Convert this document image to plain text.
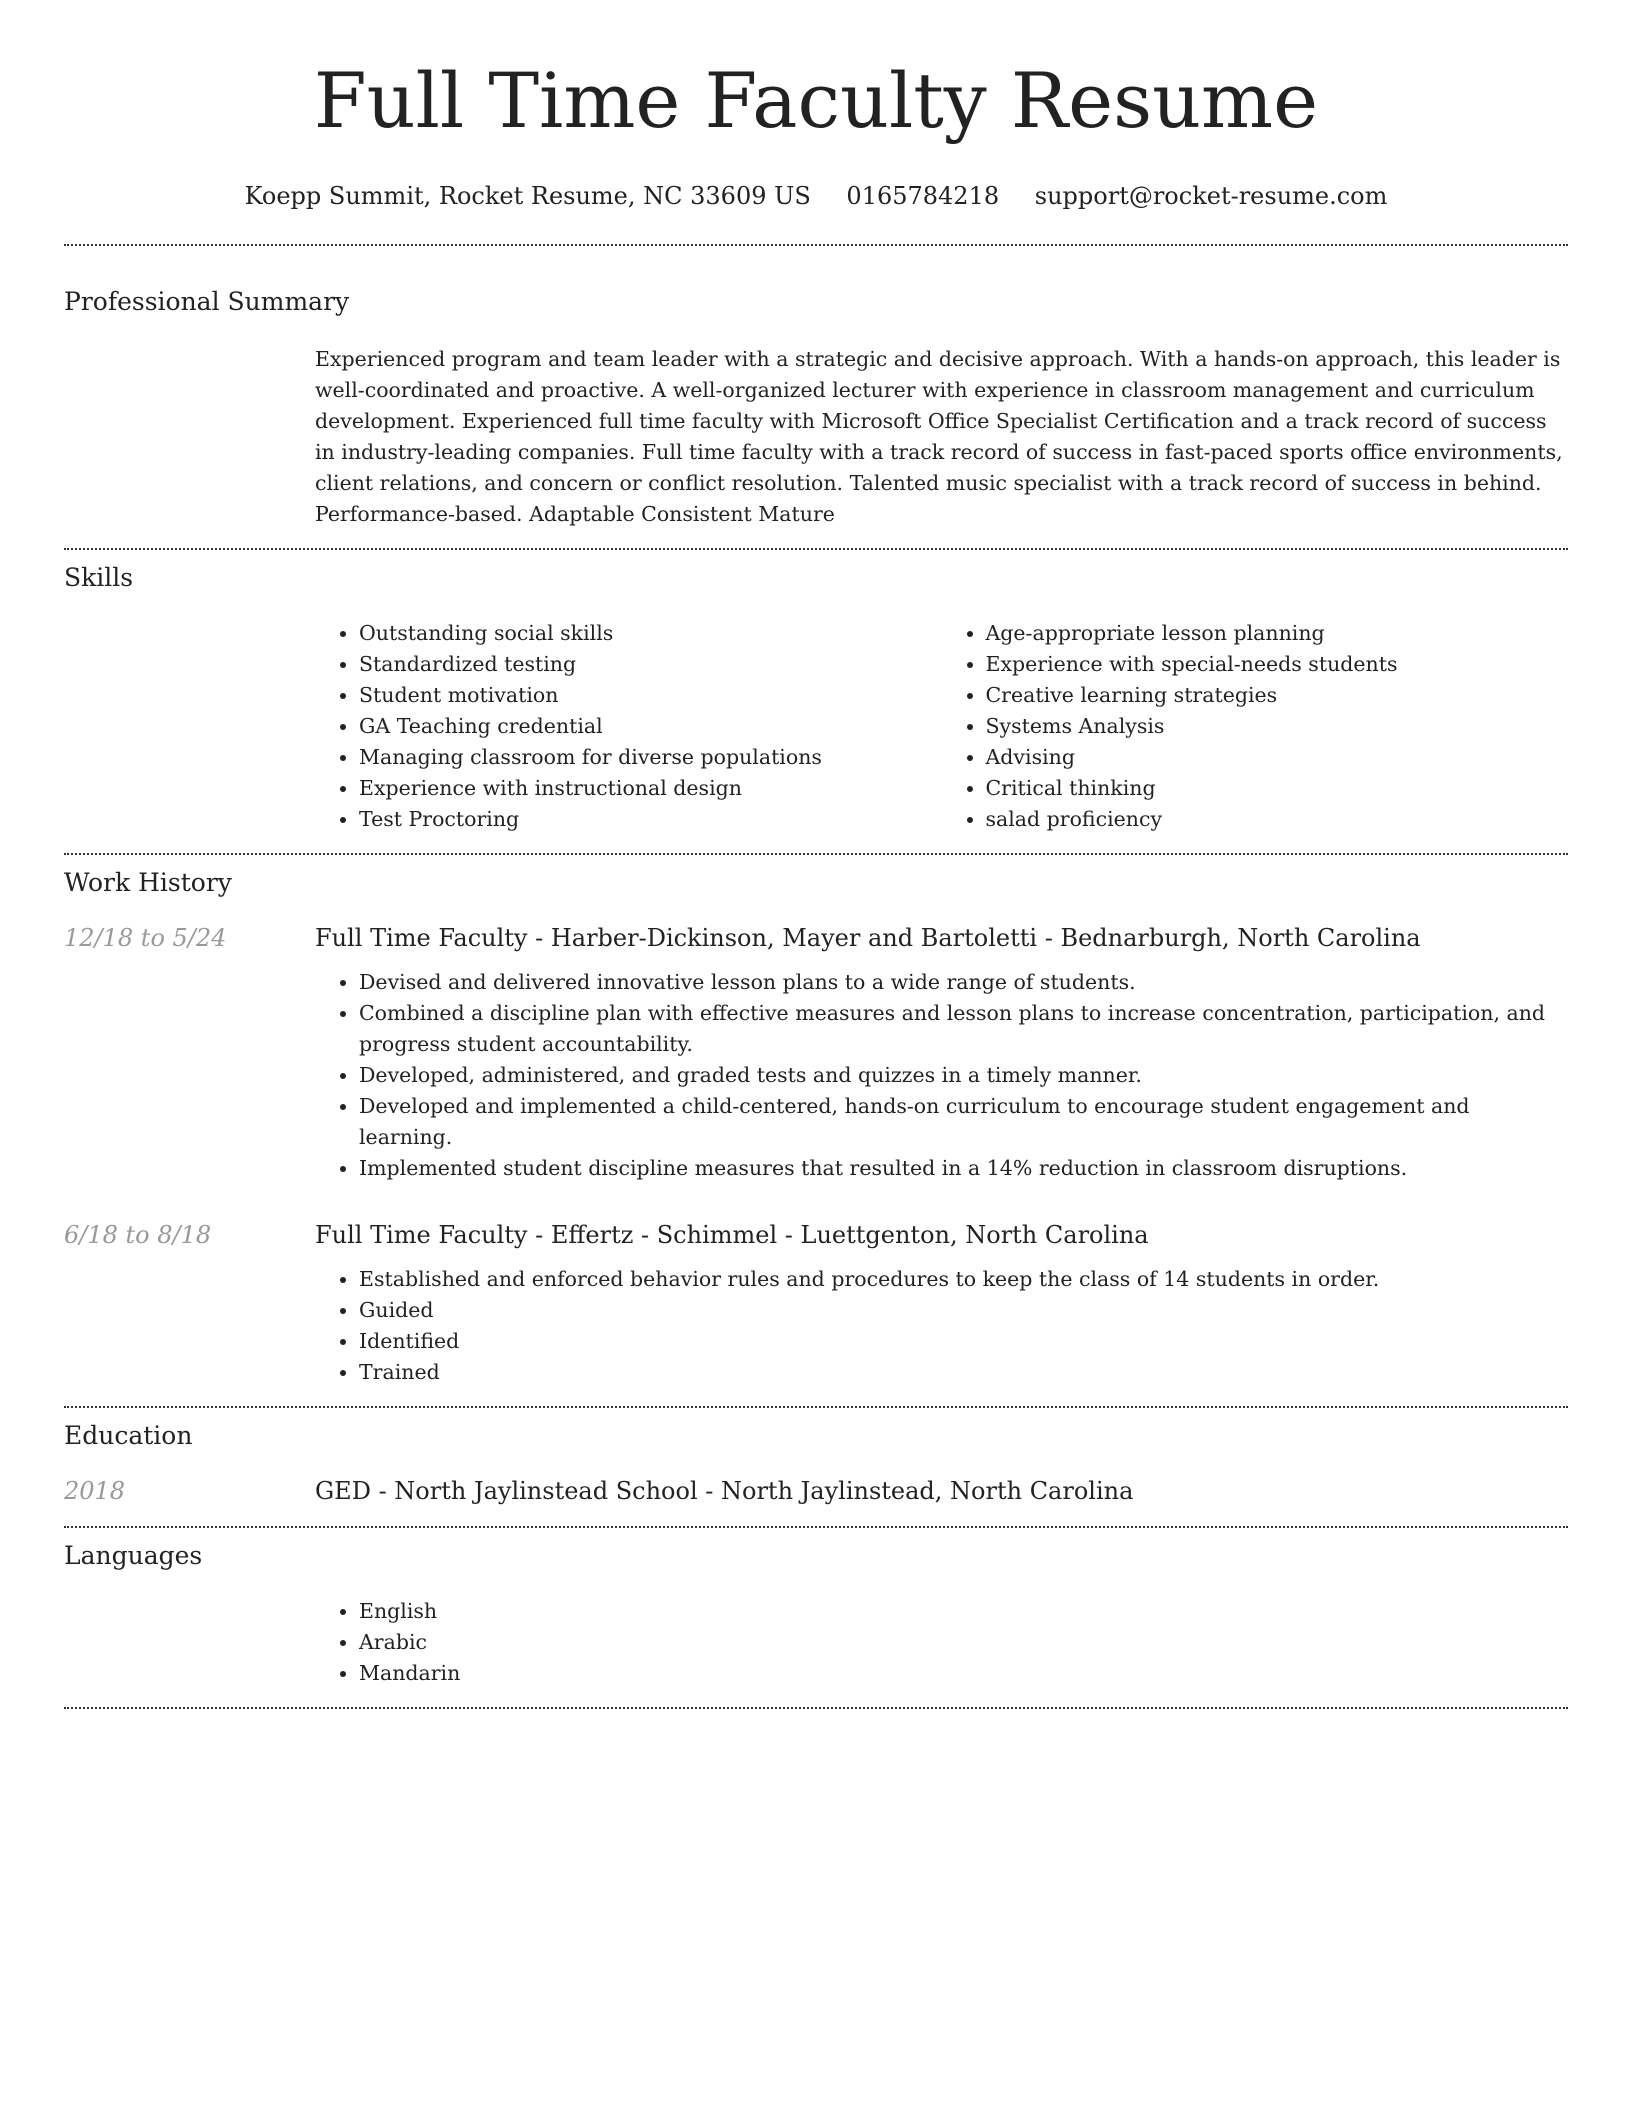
Full Time Faculty Resume
Koepp Summit, Rocket Resume, NC 33609 US 0165784218 support@rocket-resume.com
Professional Summary
Experienced program and team leader with a strategic and decisive approach. With a hands-on approach, this leader is well-coordinated and proactive. A well-organized lecturer with experience in classroom management and curriculum development. Experienced full time faculty with Microsoft Office Specialist Certification and a track record of success in industry-leading companies. Full time faculty with a track record of success in fast-paced sports office environments, client relations, and concern or conflict resolution. Talented music specialist with a track record of success in behind. Performance-based. Adaptable Consistent Mature
Skills
• Outstanding social skills
• Standardized testing
• Student motivation
• GA Teaching credential
• Managing classroom for diverse populations
• Experience with instructional design
• Test Proctoring
• Age-appropriate lesson planning
• Experience with special-needs students
• Creative learning strategies
• Systems Analysis
• Advising
• Critical thinking
• salad proficiency
Work History
12/18 to 5/24	Full Time Faculty - Harber-Dickinson, Mayer and Bartoletti - Bednarburgh, North Carolina
• Devised and delivered innovative lesson plans to a wide range of students.
• Combined a discipline plan with effective measures and lesson plans to increase concentration, participation, and progress student accountability.
• Developed, administered, and graded tests and quizzes in a timely manner.
• Developed and implemented a child-centered, hands-on curriculum to encourage student engagement and learning.
• Implemented student discipline measures that resulted in a 14% reduction in classroom disruptions.
6/18 to 8/18	Full Time Faculty - Effertz - Schimmel - Luettgenton, North Carolina
• Established and enforced behavior rules and procedures to keep the class of 14 students in order.
• Guided
• Identified
• Trained
Education
2018	GED - North Jaylinstead School - North Jaylinstead, North Carolina
Languages
• English
• Arabic
• Mandarin
